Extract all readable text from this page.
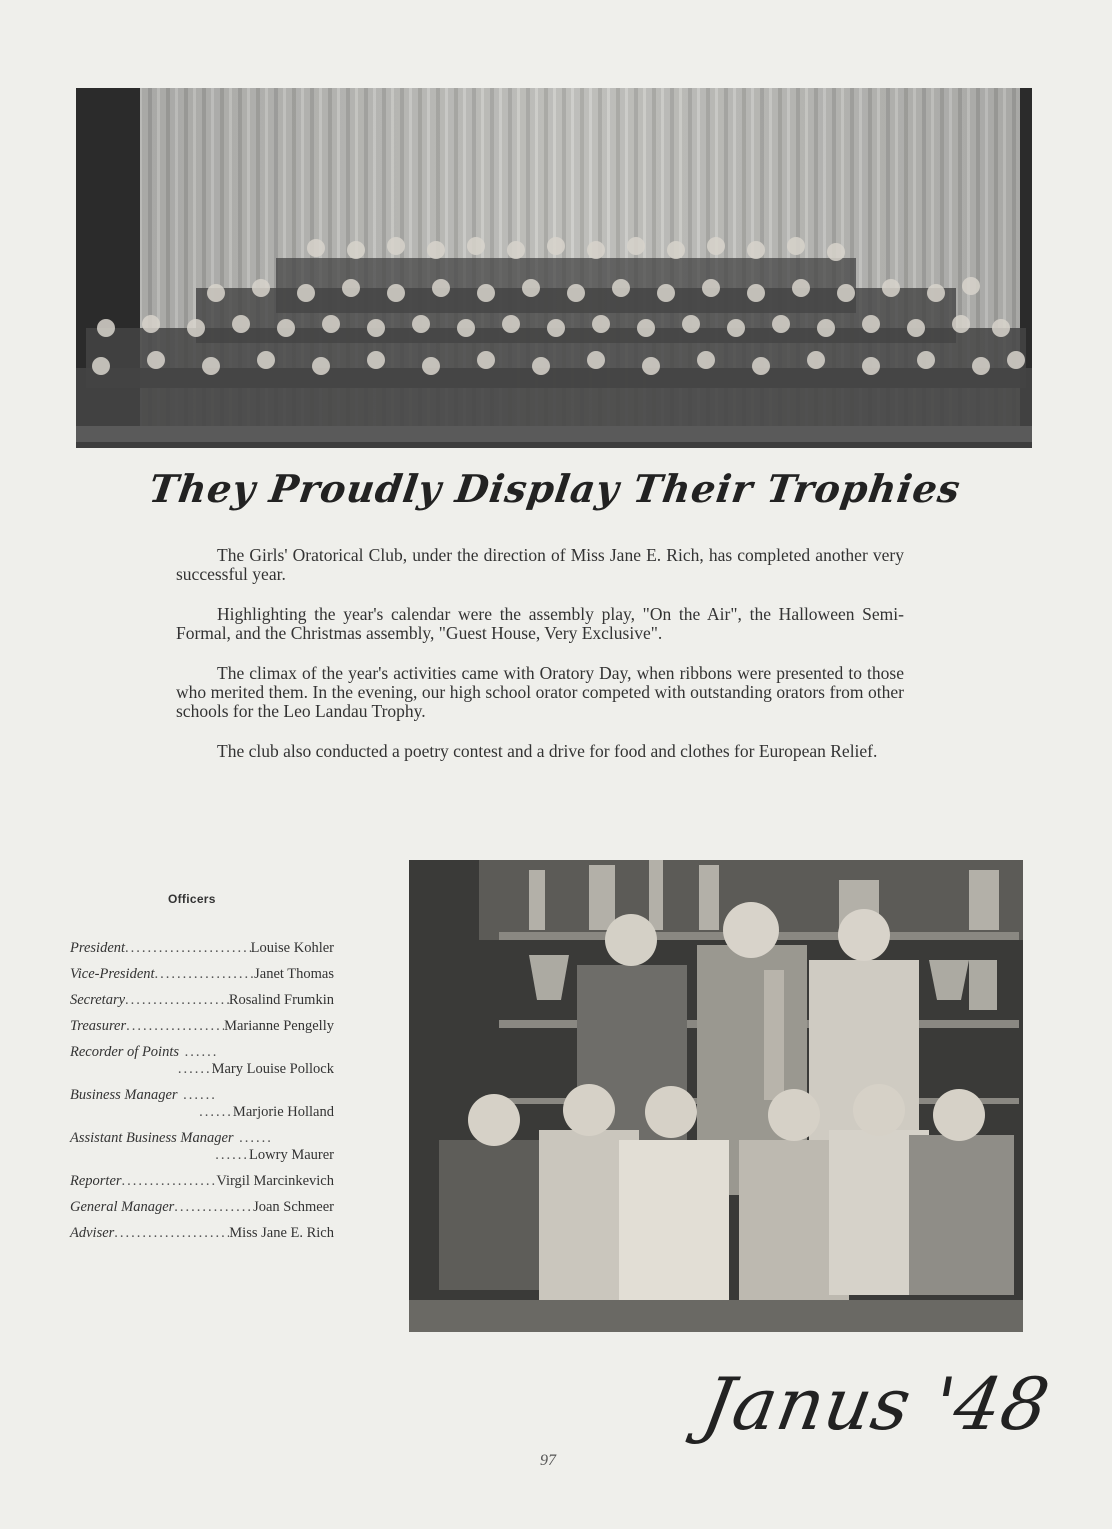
They Proudly Display Their Trophies

The Girls' Oratorical Club, under the direction of Miss Jane E. Rich, has completed another very successful year.

Highlighting the year's calendar were the assembly play, "On the Air", the Halloween Semi-Formal, and the Christmas assembly, "Guest House, Very Exclusive".

The climax of the year's activities came with Oratory Day, when ribbons were presented to those who merited them. In the evening, our high school orator competed with outstanding orators from other schools for the Leo Landau Trophy.

The club also conducted a poetry contest and a drive for food and clothes for European Relief.

Officers
President .....	Louise Kohler
Vice-President .....	Janet Thomas
Secretary .....	Rosalind Frumkin
Treasurer .....	Marianne Pengelly
Recorder of Points ......
...... Mary Louise Pollock
Business Manager ......
...... Marjorie Holland
Assistant Business Manager ......
...... Lowry Maurer
Reporter .....	Virgil Marcinkevich
General Manager .....	Joan Schmeer
Adviser .....	Miss Jane E. Rich
Janus '48
97
